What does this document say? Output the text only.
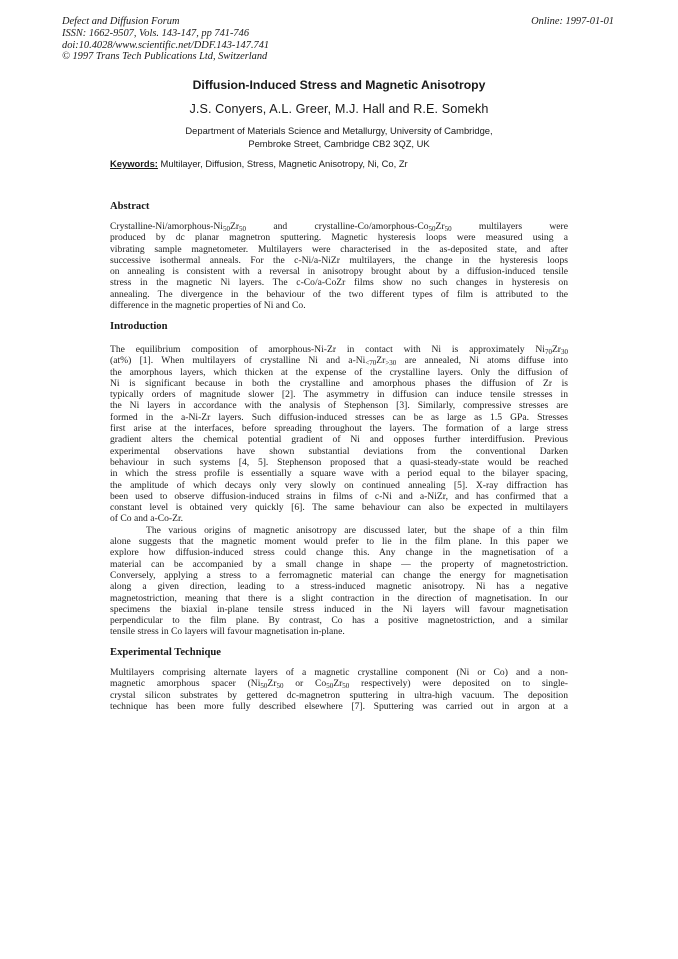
Defect and Diffusion Forum
ISSN: 1662-9507, Vols. 143-147, pp 741-746
doi:10.4028/www.scientific.net/DDF.143-147.741
© 1997 Trans Tech Publications Ltd, Switzerland
Online: 1997-01-01
Diffusion-Induced Stress and Magnetic Anisotropy
J.S. Conyers, A.L. Greer, M.J. Hall and R.E. Somekh
Department of Materials Science and Metallurgy, University of Cambridge,
Pembroke Street, Cambridge CB2 3QZ, UK
Keywords: Multilayer, Diffusion, Stress, Magnetic Anisotropy, Ni, Co, Zr
Abstract
Crystalline-$Ni/amorphous-Ni_{50}Zr_{50}$ and crystalline-$Co/amorphous-Co_{50}Zr_{50}$ multilayers were
produced by dc planar magnetron sputtering. Magnetic hysteresis loops were measured using a
vibrating sample magnetometer. Multilayers were characterised in the as-deposited state, and after
successive isothermal anneals. For the c-Ni/a-NiZr multilayers, the change in the hysteresis loops
on annealing is consistent with a reversal in anisotropy brought about by a diffusion-induced tensile
stress in the magnetic Ni layers. The c-Co/a-CoZr films show no such changes in hysteresis on
annealing. The divergence in the behaviour of the two different types of film is attributed to the
difference in the magnetic properties of Ni and Co.
Introduction
The equilibrium composition of amorphous-Ni-Zr in contact with Ni is approximately $Ni_{70}Zr_{30}$
(at%) [1]. When multilayers of crystalline Ni and $a-Ni_{<70}Zr_{>30}$ are annealed, Ni atoms diffuse into
the amorphous layers, which thicken at the expense of the crystalline layers. Only the diffusion of
Ni is significant because in both the crystalline and amorphous phases the diffusion of Zr is
typically orders of magnitude slower [2]. The asymmetry in diffusion can induce tensile stresses in
the Ni layers in accordance with the analysis of Stephenson [3]. Similarly, compressive stresses are
formed in the a-Ni-Zr layers. Such diffusion-induced stresses can be as large as 1.5 GPa. Stresses
first arise at the interfaces, before spreading throughout the layers. The formation of a large stress
gradient alters the chemical potential gradient of Ni and opposes further interdiffusion. Previous
experimental observations have shown substantial deviations from the conventional Darken
behaviour in such systems [4, 5]. Stephenson proposed that a quasi-steady-state would be reached
in which the stress profile is essentially a square wave with a period equal to the bilayer spacing,
the amplitude of which decays only very slowly on continued annealing [5]. X-ray diffraction has
been used to observe diffusion-induced strains in films of c-Ni and a-NiZr, and has confirmed that a
constant level is obtained very quickly [6]. The same behaviour can also be expected in multilayers
of Co and a-Co-Zr.
The various origins of magnetic anisotropy are discussed later, but the shape of a thin film
alone suggests that the magnetic moment would prefer to lie in the film plane. In this paper we
explore how diffusion-induced stress could change this. Any change in the magnetisation of a
material can be accompanied by a small change in shape — the property of magnetostriction.
Conversely, applying a stress to a ferromagnetic material can change the energy for magnetisation
along a given direction, leading to a stress-induced magnetic anisotropy. Ni has a negative
magnetostriction, meaning that there is a slight contraction in the direction of magnetisation. In our
specimens the biaxial in-plane tensile stress induced in the Ni layers will favour magnetisation
perpendicular to the film plane. By contrast, Co has a positive magnetostriction, and a similar
tensile stress in Co layers will favour magnetisation in-plane.
Experimental Technique
Multilayers comprising alternate layers of a magnetic crystalline component (Ni or Co) and a non-
magnetic amorphous spacer ($Ni_{50}Zr_{50}$ or $Co_{50}Zr_{50}$ respectively) were deposited on to single-
crystal silicon substrates by gettered dc-magnetron sputtering in ultra-high vacuum. The deposition
technique has been more fully described elsewhere [7]. Sputtering was carried out in argon at a
